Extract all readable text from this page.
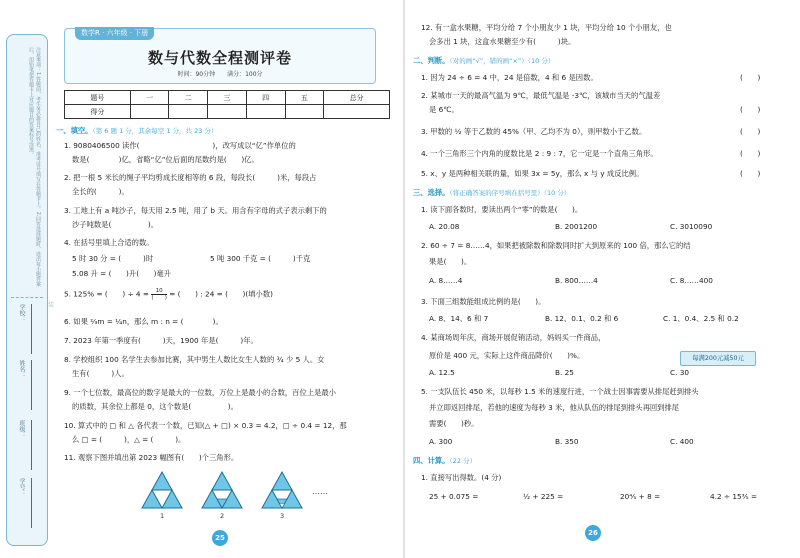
注意事项：1.答题前，考生务必将自己的姓名、准考证号填写在答题卡上。2.回答选择题时，选出每小题答案后，用铅笔把答题卡上对应题目的答案标号涂黑。
学校：
姓名：
班级：
学号：
装
数学R · 六年级 · 下册
数与代数全程测评卷
时间：90分钟　　满分：100分
题号	一	二	三	四	五	总分
得分						
一、填空。（第 6 题 1 分，其余每空 1 分，共 23 分）
1. 9080406500 读作(　　　　　　　　　　)，改写成以“亿”作单位的
数是(　　　　)亿，省略“亿”位后面的尾数约是(　　)亿。
2. 把一根 5 米长的绳子平均剪成长度相等的 6 段，每段长(　　　)米，每段占
全长的(　　　)。
3. 工地上有 a 吨沙子，每天用 2.5 吨，用了 b 天。用含有字母的式子表示剩下的
沙子吨数是(　　　　　)。
4. 在括号里填上合适的数。
5 时 30 分 = (　　　)时	5 吨 300 千克 = (　　　)千克
5.08 升 = (　　)升(　　)毫升
5. 125% = (　　) ÷ $4 = \frac{10}{( )}$ = (　　) : 24 = (　　)(填小数)
6. 如果 ⅔m = ¼n，那么 m : n = (　　　　)。
7. 2023 年第一季度有(　　　)天，1900 年是(　　　)年。
8. 学校组织 100 名学生去参加比赛，其中男生人数比女生人数的 ¾ 少 5 人。女
生有(　　　)人。
9. 一个七位数，最高位的数字是最大的一位数，万位上是最小的合数，百位上是最小
的质数，其余位上都是 0，这个数是(　　　　　)。
10. 算式中的 □ 和 △ 各代表一个数，已知(△ + □) × 0.3 = 4.2，□ ÷ 0.4 = 12，那
么 □ = (　　　)，△ = (　　　)。
11. 观察下图并填出第 2023 幅图有(　　)个三角形。
……
1	2	3
25
12. 有一盒水果糖，平均分给 7 个小朋友少 1 块，平均分给 10 个小朋友，也
会多出 1 块，这盒水果糖至少有(　　　)块。
二、判断。（对的画“√”，错的画“×”）（10 分）
1. 因为 24 ÷ 6 = 4 中，24 是倍数，4 和 6 是因数。	(　　)
2. 某城市一天的最高气温为 9℃，最低气温是 -3℃，该城市当天的气温差
是 6℃。	(　　)
3. 甲数的 ½ 等于乙数的 45%（甲、乙均不为 0），则甲数小于乙数。	(　　)
4. 一个三角形三个内角的度数比是 2 : 9 : 7，它一定是一个直角三角形。	(　　)
5. x、y 是两种相关联的量，如果 3x = 5y，那么 x 与 y 成反比例。	(　　)
三、选择。（将正确答案的序号填在括号里）（10 分）
1. 读下面各数时，要读出两个“零”的数是(　　)。
A. 20.08	B. 2001200	C. 3010090
2. 60 ÷ 7 = 8……4，如果把被除数和除数同时扩大到原来的 100 倍，那么它的结
果是(　　)。
A. 8……4	B. 800……4	C. 8……400
3. 下面三组数能组成比例的是(　　)。
A. 8、14、6 和 7	B. 12、0.1、0.2 和 6	C. 1、0.4、2.5 和 0.2
4. 某商场周年庆，商场开展促销活动，妈妈买一件商品，
原价是 400 元，实际上这件商品降价(　　)%。
A. 12.5	B. 25	C. 30
5. 一支队伍长 450 米，以每秒 1.5 米的速度行进，一个战士因事需要从排尾赶到排头
并立即返回排尾，若他的速度为每秒 3 米，他从队伍的排尾到排头再回到排尾
需要(　　)秒。
A. 300	B. 350	C. 400
四、计算。（22 分）
1. 直接写出得数。(4 分)
25 + 0.075 =	½ + 225 =	20⅘ + 8 =	4.2 ÷ 15⅗ =
26
每满200元减50元
